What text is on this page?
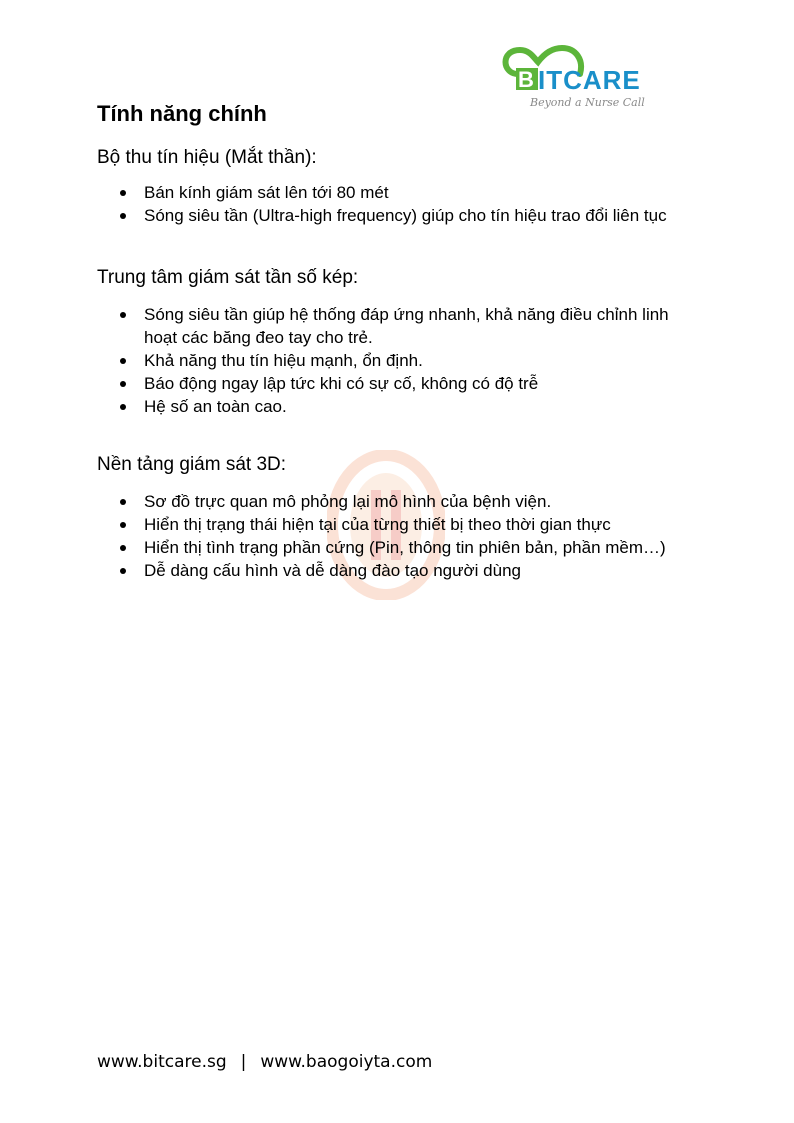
B ITCARE
Beyond a Nurse Call
Tính năng chính
Bộ thu tín hiệu (Mắt thần):
Bán kính giám sát lên tới 80 mét
Sóng siêu tần (Ultra-high frequency) giúp cho tín hiệu trao đổi liên tục
Trung tâm giám sát tần số kép:
Sóng siêu tần giúp hệ thống đáp ứng nhanh, khả năng điều chỉnh linh hoạt các băng đeo tay cho trẻ.
Khả năng thu tín hiệu mạnh, ổn định.
Báo động ngay lập tức khi có sự cố, không có độ trễ
Hệ số an toàn cao.
Nền tảng giám sát 3D:
Sơ đồ trực quan mô phỏng lại mô hình của bệnh viện.
Hiển thị trạng thái hiện tại của từng thiết bị theo thời gian thực
Hiển thị tình trạng phần cứng (Pin, thông tin phiên bản, phần mềm…)
Dễ dàng cấu hình và dễ dàng đào tạo người dùng
www.bitcare.sg | www.baogoiyta.com
